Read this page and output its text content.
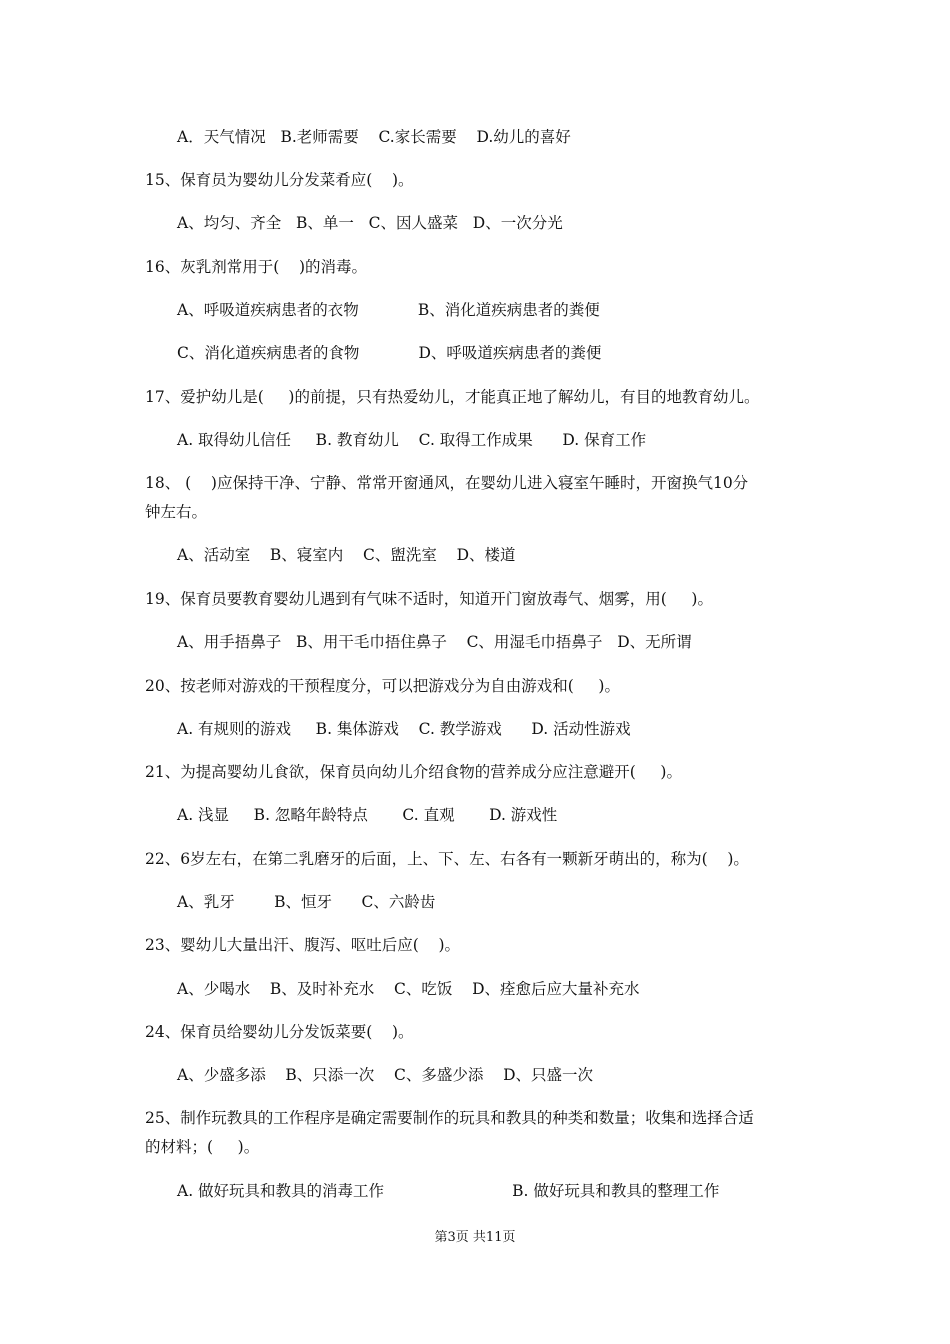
A．天气情况   B.老师需要    C.家长需要    D.幼儿的喜好
15、保育员为婴幼儿分发菜肴应(    )。
A、均匀、齐全   B、单一   C、因人盛菜   D、一次分光
16、灰乳剂常用于(    )的消毒。
A、呼吸道疾病患者的衣物            B、消化道疾病患者的粪便
C、消化道疾病患者的食物            D、呼吸道疾病患者的粪便
17、爱护幼儿是(     )的前提，只有热爱幼儿，才能真正地了解幼儿，有目的地教育幼儿。
A. 取得幼儿信任     B. 教育幼儿    C. 取得工作成果      D. 保育工作
18、 (    )应保持干净、宁静、常常开窗通风，在婴幼儿进入寝室午睡时，开窗换气10分
钟左右。
A、活动室    B、寝室内    C、盥洗室    D、楼道
19、保育员要教育婴幼儿遇到有气味不适时，知道开门窗放毒气、烟雾，用(     )。
A、用手捂鼻子   B、用干毛巾捂住鼻子    C、用湿毛巾捂鼻子   D、无所谓
20、按老师对游戏的干预程度分，可以把游戏分为自由游戏和(     )。
A. 有规则的游戏     B. 集体游戏    C. 教学游戏      D. 活动性游戏
21、为提高婴幼儿食欲，保育员向幼儿介绍食物的营养成分应注意避开(     )。
A. 浅显     B. 忽略年龄特点       C. 直观       D. 游戏性
22、6岁左右，在第二乳磨牙的后面，上、下、左、右各有一颗新牙萌出的，称为(    )。
A、乳牙        B、恒牙      C、六龄齿
23、婴幼儿大量出汗、腹泻、呕吐后应(    )。
A、少喝水    B、及时补充水    C、吃饭    D、痊愈后应大量补充水
24、保育员给婴幼儿分发饭菜要(    )。
A、少盛多添    B、只添一次    C、多盛少添    D、只盛一次
25、制作玩教具的工作程序是确定需要制作的玩具和教具的种类和数量；收集和选择合适
的材料；(     )。
A. 做好玩具和教具的消毒工作                          B. 做好玩具和教具的整理工作
第3页 共11页
